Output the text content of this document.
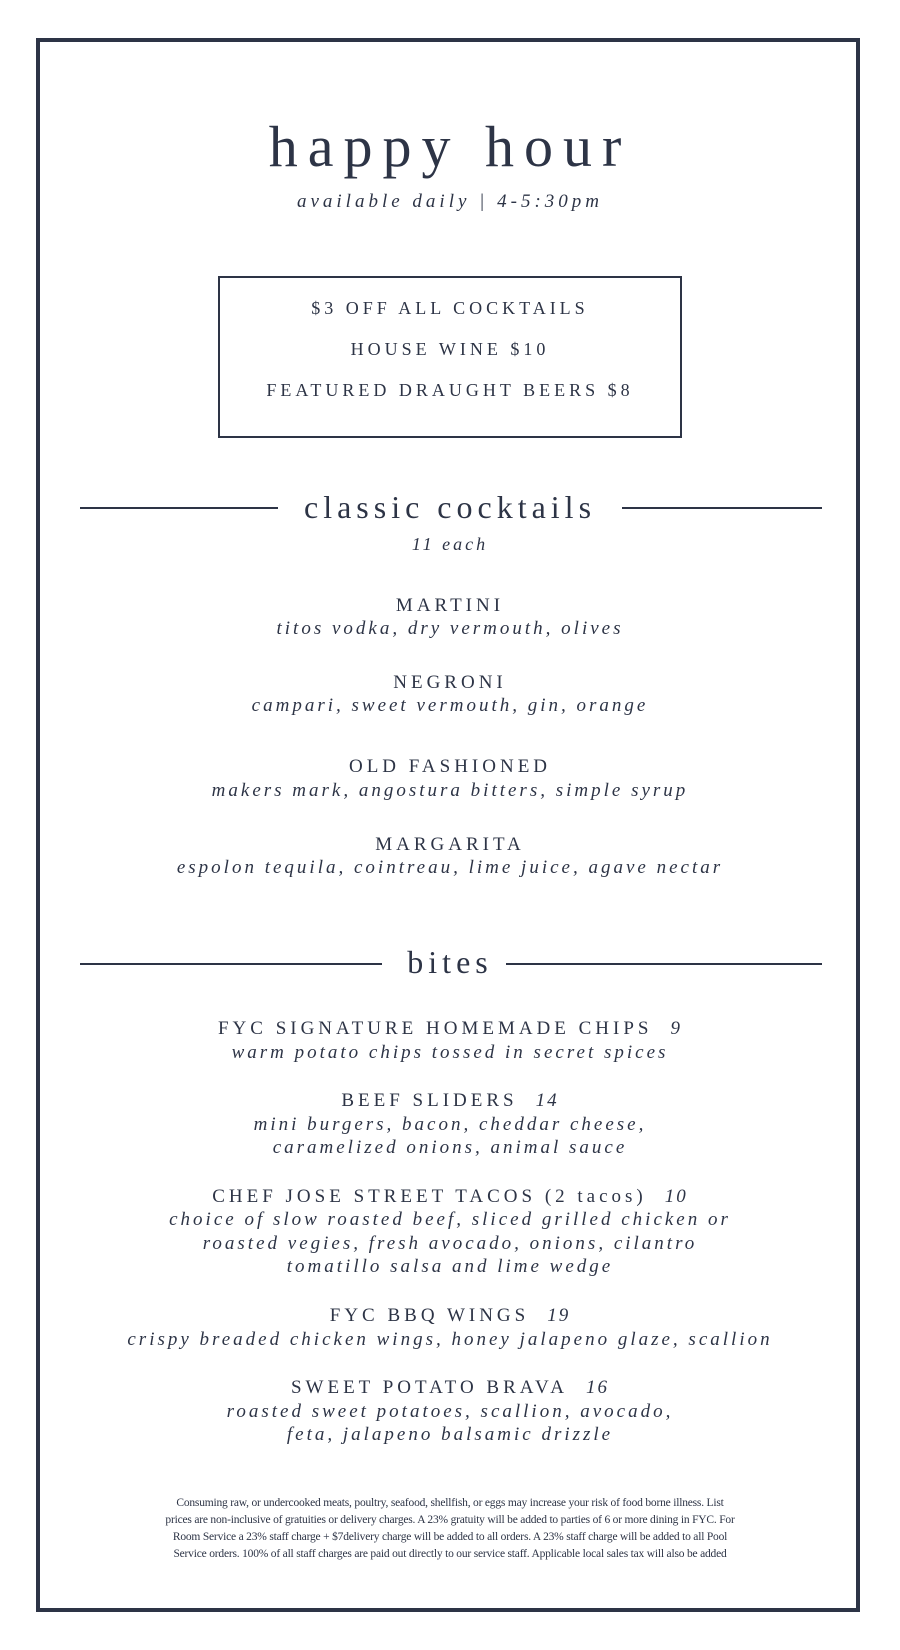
happy hour
available daily | 4-5:30pm
$3 OFF ALL COCKTAILS
HOUSE WINE $10
FEATURED DRAUGHT BEERS $8
classic cocktails
11 each
MARTINI
titos vodka, dry vermouth, olives
NEGRONI
campari, sweet vermouth, gin, orange
OLD FASHIONED
makers mark, angostura bitters, simple syrup
MARGARITA
espolon tequila, cointreau, lime juice, agave nectar
bites
FYC SIGNATURE HOMEMADE CHIPS 9
warm potato chips tossed in secret spices
BEEF SLIDERS 14
mini burgers, bacon, cheddar cheese,
caramelized onions, animal sauce
CHEF JOSE STREET TACOS (2 tacos) 10
choice of slow roasted beef, sliced grilled chicken or
roasted vegies, fresh avocado, onions, cilantro
tomatillo salsa and lime wedge
FYC BBQ WINGS 19
crispy breaded chicken wings, honey jalapeno glaze, scallion
SWEET POTATO BRAVA 16
roasted sweet potatoes, scallion, avocado,
feta, jalapeno balsamic drizzle
Consuming raw, or undercooked meats, poultry, seafood, shellfish, or eggs may increase your risk of food borne illness. List
prices are non-inclusive of gratuities or delivery charges. A 23% gratuity will be added to parties of 6 or more dining in FYC. For
Room Service a 23% staff charge + $7delivery charge will be added to all orders. A 23% staff charge will be added to all Pool
Service orders. 100% of all staff charges are paid out directly to our service staff. Applicable local sales tax will also be added
